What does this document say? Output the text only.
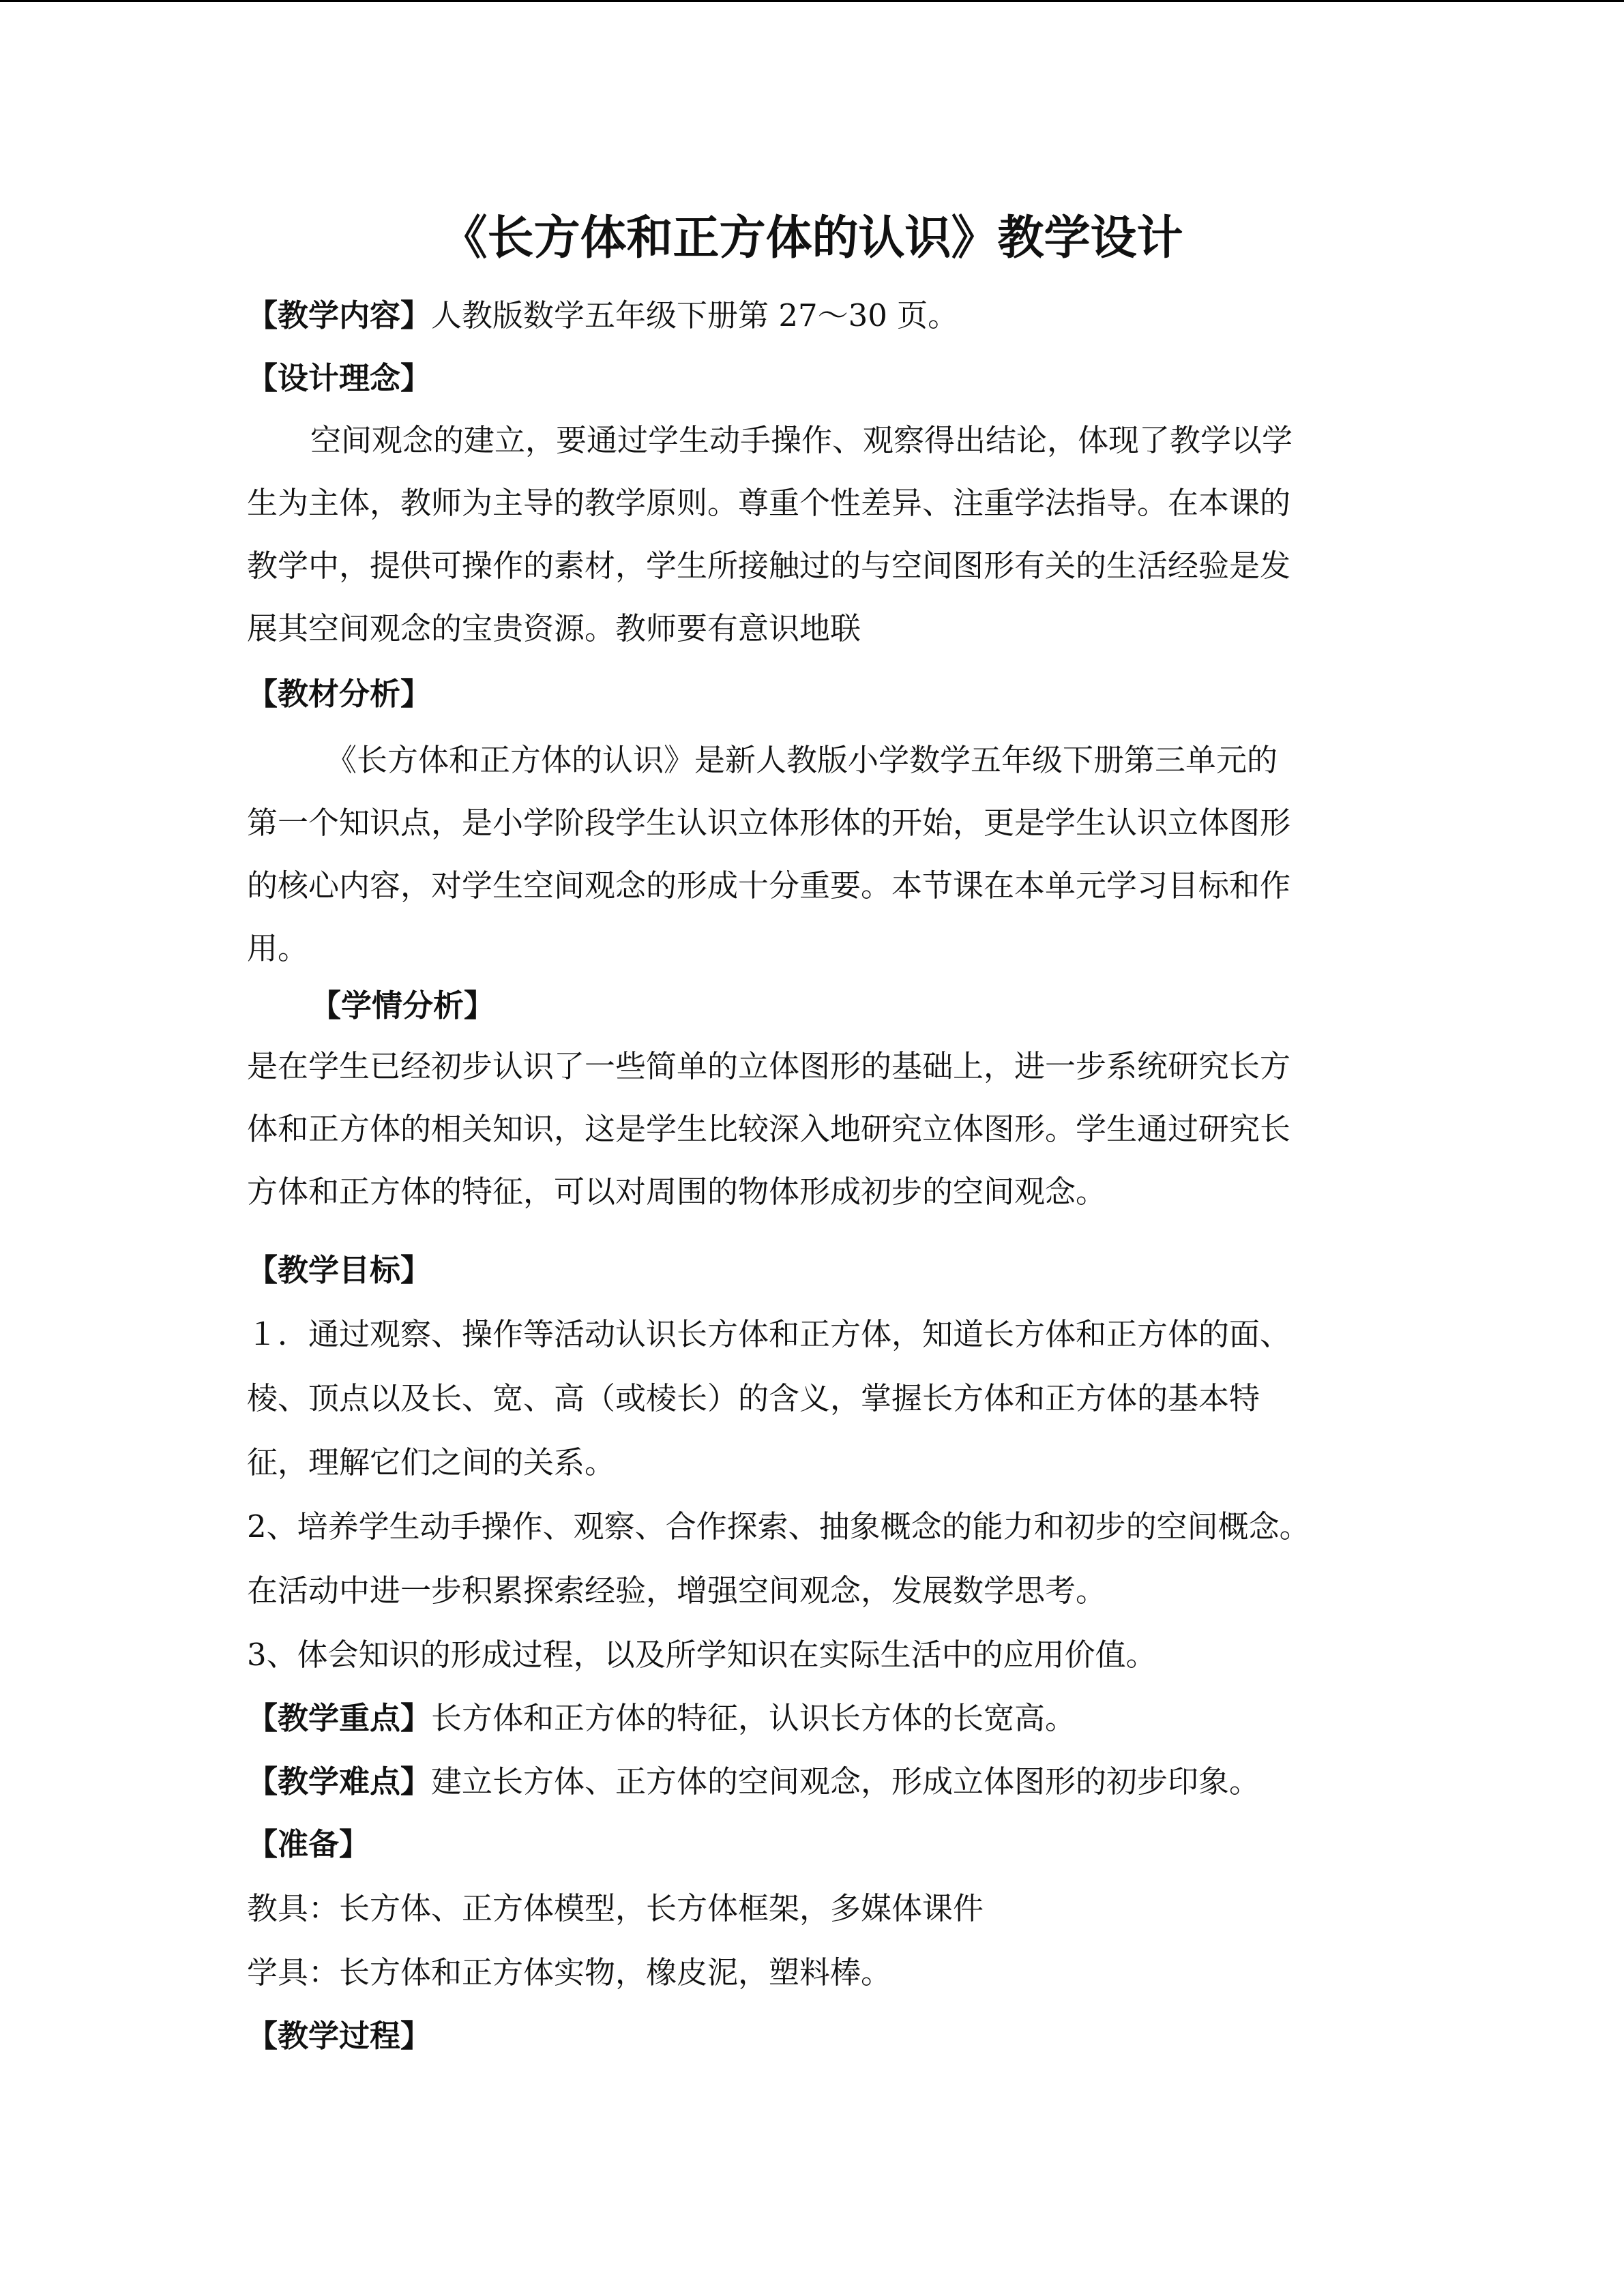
《长方体和正方体的认识》教学设计
【教学内容】人教版数学五年级下册第 27～30 页。
【设计理念】
空间观念的建立，要通过学生动手操作、观察得出结论，体现了教学以学
生为主体，教师为主导的教学原则。尊重个性差异、注重学法指导。在本课的
教学中，提供可操作的素材，学生所接触过的与空间图形有关的生活经验是发
展其空间观念的宝贵资源。教师要有意识地联
【教材分析】
《长方体和正方体的认识》是新人教版小学数学五年级下册第三单元的
第一个知识点，是小学阶段学生认识立体形体的开始，更是学生认识立体图形
的核心内容，对学生空间观念的形成十分重要。本节课在本单元学习目标和作
用。
【学情分析】
是在学生已经初步认识了一些简单的立体图形的基础上，进一步系统研究长方
体和正方体的相关知识，这是学生比较深入地研究立体图形。学生通过研究长
方体和正方体的特征，可以对周围的物体形成初步的空间观念。
【教学目标】
１．通过观察、操作等活动认识长方体和正方体，知道长方体和正方体的面、
棱、顶点以及长、宽、高（或棱长）的含义，掌握长方体和正方体的基本特
征，理解它们之间的关系。
2、培养学生动手操作、观察、合作探索、抽象概念的能力和初步的空间概念。
在活动中进一步积累探索经验，增强空间观念，发展数学思考。
3、体会知识的形成过程，以及所学知识在实际生活中的应用价值。
【教学重点】长方体和正方体的特征，认识长方体的长宽高。
【教学难点】建立长方体、正方体的空间观念，形成立体图形的初步印象。
【准备】
教具：长方体、正方体模型，长方体框架，多媒体课件
学具：长方体和正方体实物，橡皮泥，塑料棒。
【教学过程】
